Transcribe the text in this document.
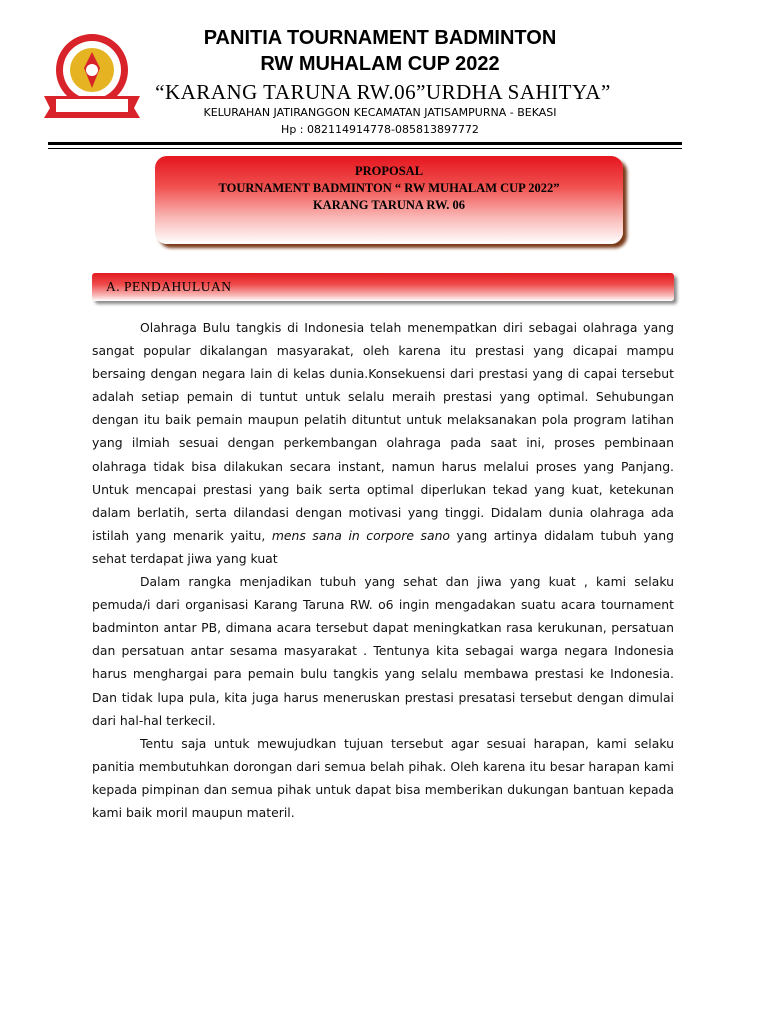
PANITIA TOURNAMENT BADMINTON
RW MUHALAM CUP 2022
“KARANG TARUNA RW.06”URDHA SAHITYA”
KELURAHAN JATIRANGGON KECAMATAN JATISAMPURNA - BEKASI
Hp : 082114914778-085813897772
PROPOSAL
TOURNAMENT BADMINTON “ RW MUHALAM CUP 2022”
KARANG TARUNA RW. 06
A. PENDAHULUAN

Olahraga Bulu tangkis di Indonesia telah menempatkan diri sebagai olahraga yang sangat popular dikalangan masyarakat, oleh karena itu prestasi yang dicapai mampu bersaing dengan negara lain di kelas dunia.Konsekuensi dari prestasi yang di capai tersebut adalah setiap pemain di tuntut untuk selalu meraih prestasi yang optimal. Sehubungan dengan itu baik pemain maupun pelatih dituntut untuk melaksanakan pola program latihan yang ilmiah sesuai dengan perkembangan olahraga pada saat ini, proses pembinaan olahraga tidak bisa dilakukan secara instant, namun harus melalui proses yang Panjang. Untuk mencapai prestasi yang baik serta optimal diperlukan tekad yang kuat, ketekunan dalam berlatih, serta dilandasi dengan motivasi yang tinggi. Didalam dunia olahraga ada istilah yang menarik yaitu, mens sana in corpore sano yang artinya didalam tubuh yang sehat terdapat jiwa yang kuat

Dalam rangka menjadikan tubuh yang sehat dan jiwa yang kuat , kami selaku pemuda/i dari organisasi Karang Taruna RW. o6 ingin mengadakan suatu acara tournament badminton antar PB, dimana acara tersebut dapat meningkatkan rasa kerukunan, persatuan dan persatuan antar sesama masyarakat . Tentunya kita sebagai warga negara Indonesia harus menghargai para pemain bulu tangkis yang selalu membawa prestasi ke Indonesia. Dan tidak lupa pula, kita juga harus meneruskan prestasi presatasi tersebut dengan dimulai dari hal-hal terkecil.

Tentu saja untuk mewujudkan tujuan tersebut agar sesuai harapan, kami selaku panitia membutuhkan dorongan dari semua belah pihak. Oleh karena itu besar harapan kami kepada pimpinan dan semua pihak untuk dapat bisa memberikan dukungan bantuan kepada kami baik moril maupun materil.
